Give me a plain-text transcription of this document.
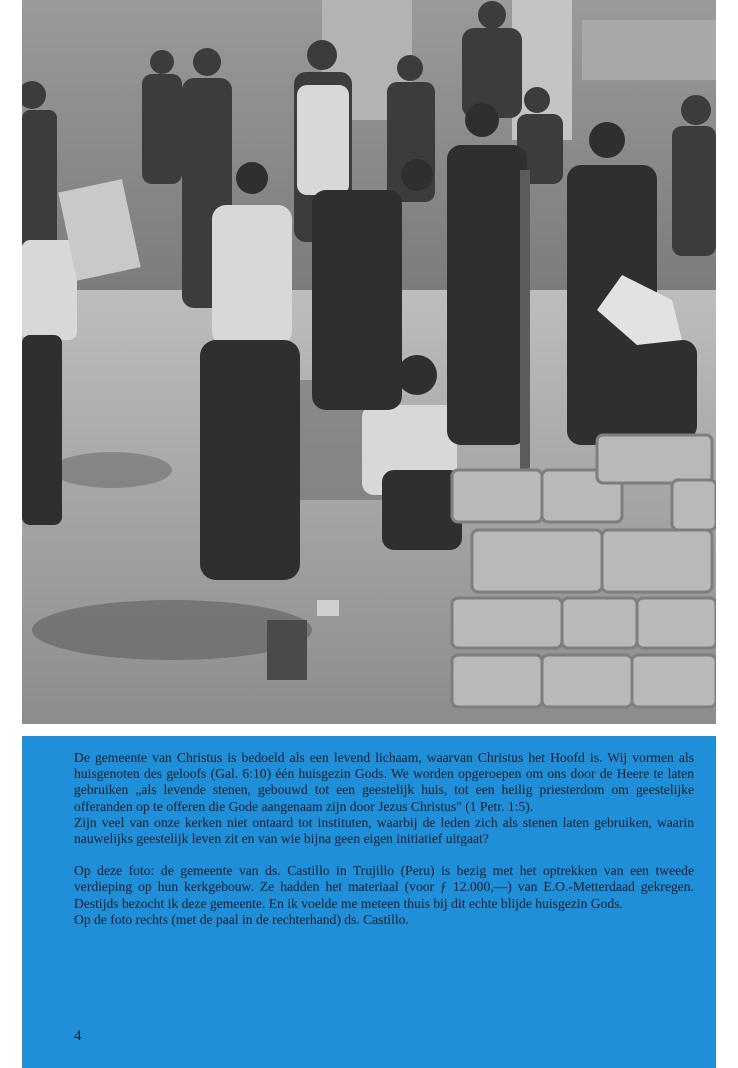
De gemeente van Christus is bedoeld als een levend lichaam, waarvan Christus het Hoofd is. Wij vormen als huisgenoten des geloofs (Gal. 6:10) één huisgezin Gods. We worden opgeroepen om ons door de Heere te laten gebruiken „als levende stenen, gebouwd tot een geestelijk huis, tot een heilig priesterdom om geestelijke offeranden op te offeren die Gode aangenaam zijn door Jezus Christus" (1 Petr. 1:5).

Zijn veel van onze kerken niet ontaard tot instituten, waarbij de leden zich als stenen laten gebruiken, waarin nauwelijks geestelijk leven zit en van wie bijna geen eigen initiatief uitgaat?

Op deze foto: de gemeente van ds. Castillo in Trujillo (Peru) is bezig met het optrekken van een tweede verdieping op hun kerkgebouw. Ze hadden het materiaal (voor ƒ 12.000,—) van E.O.-Metterdaad gekregen. Destijds bezocht ik deze gemeente. En ik voelde me meteen thuis bij dit echte blijde huisgezin Gods.

Op de foto rechts (met de paal in de rechterhand) ds. Castillo.

4
